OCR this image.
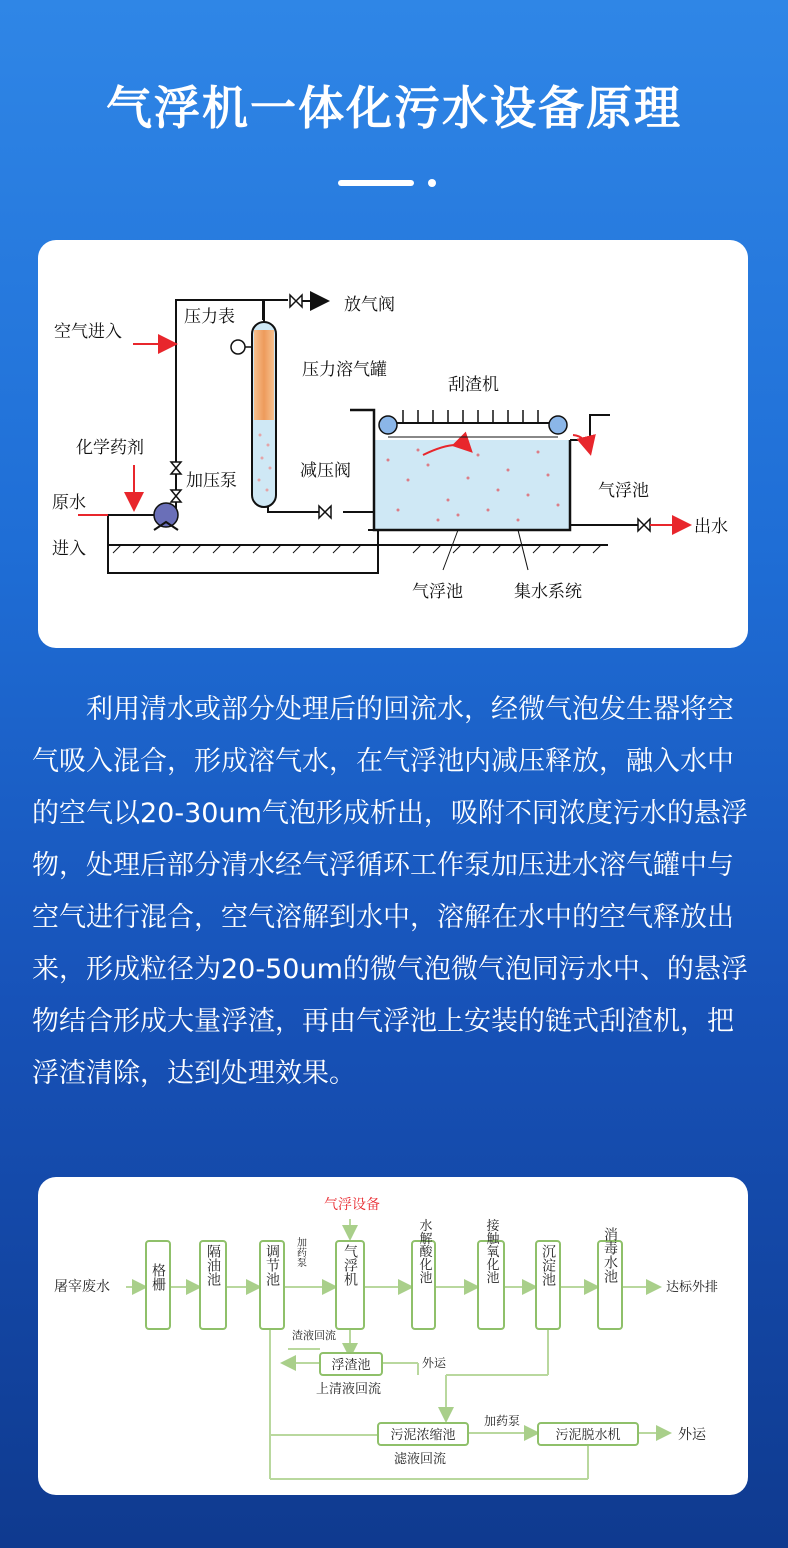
气浮机一体化污水设备原理
空气进入
压力表
放气阀
压力溶气罐
刮渣机
化学药剂
加压泵	减压阀
气浮池
原水
进入
出水
气浮池	集水系统

利用清水或部分处理后的回流水，经微气泡发生器将空气吸入混合，形成溶气水，在气浮池内减压释放，融入水中的空气以20-30um气泡形成析出，吸附不同浓度污水的悬浮物，处理后部分清水经气浮循环工作泵加压进水溶气罐中与空气进行混合，空气溶解到水中，溶解在水中的空气释放出来，形成粒径为20-50um的微气泡微气泡同污水中、的悬浮物结合形成大量浮渣，再由气浮池上安装的链式刮渣机，把浮渣清除，达到处理效果。

屠宰废水
气浮设备
加药泵
格栅	隔油池	调节池	气浮机	水解酸化池	接触氧化池	沉淀池	消毒水池
达标外排
渣液回流
浮渣池
上清液回流
外运
污泥浓缩池
加药泵
污泥脱水机	外运
滤液回流
